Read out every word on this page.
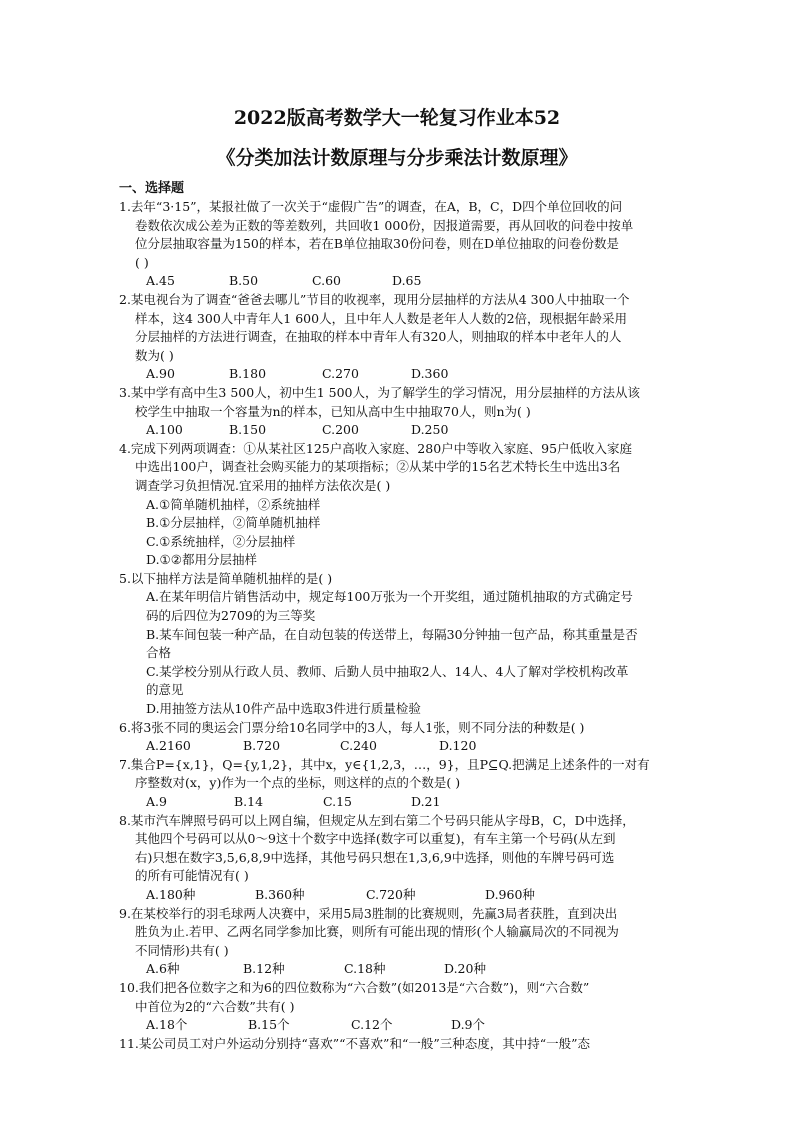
2022版高考数学大一轮复习作业本52
《分类加法计数原理与分步乘法计数原理》
一、选择题
1.去年“3·15”，某报社做了一次关于“虚假广告”的调查，在A，B，C，D四个单位回收的问
卷数依次成公差为正数的等差数列，共回收1 000份，因报道需要，再从回收的问卷中按单
位分层抽取容量为150的样本，若在B单位抽取30份问卷，则在D单位抽取的问卷份数是
( )
A.45	B.50	C.60	D.65
2.某电视台为了调查“爸爸去哪儿”节目的收视率，现用分层抽样的方法从4 300人中抽取一个
样本，这4 300人中青年人1 600人，且中年人人数是老年人人数的2倍，现根据年龄采用
分层抽样的方法进行调查，在抽取的样本中青年人有320人，则抽取的样本中老年人的人
数为( )
A.90	B.180	C.270	D.360
3.某中学有高中生3 500人，初中生1 500人，为了解学生的学习情况，用分层抽样的方法从该
校学生中抽取一个容量为n的样本，已知从高中生中抽取70人，则n为( )
A.100	B.150	C.200	D.250
4.完成下列两项调查：①从某社区125户高收入家庭、280户中等收入家庭、95户低收入家庭
中选出100户，调查社会购买能力的某项指标；②从某中学的15名艺术特长生中选出3名
调查学习负担情况.宜采用的抽样方法依次是( )
A.①简单随机抽样，②系统抽样
B.①分层抽样，②简单随机抽样
C.①系统抽样，②分层抽样
D.①②都用分层抽样
5.以下抽样方法是简单随机抽样的是( )
A.在某年明信片销售活动中，规定每100万张为一个开奖组，通过随机抽取的方式确定号
码的后四位为2709的为三等奖
B.某车间包装一种产品，在自动包装的传送带上，每隔30分钟抽一包产品，称其重量是否
合格
C.某学校分别从行政人员、教师、后勤人员中抽取2人、14人、4人了解对学校机构改革
的意见
D.用抽签方法从10件产品中选取3件进行质量检验
6.将3张不同的奥运会门票分给10名同学中的3人，每人1张，则不同分法的种数是( )
A.2160	B.720	C.240	D.120
7.集合P={x,1}，Q={y,1,2}，其中x，y∈{1,2,3，…，9}，且P⊆Q.把满足上述条件的一对有
序整数对(x，y)作为一个点的坐标，则这样的点的个数是( )
A.9	B.14	C.15	D.21
8.某市汽车牌照号码可以上网自编，但规定从左到右第二个号码只能从字母B，C，D中选择，
其他四个号码可以从0～9这十个数字中选择(数字可以重复)，有车主第一个号码(从左到
右)只想在数字3,5,6,8,9中选择，其他号码只想在1,3,6,9中选择，则他的车牌号码可选
的所有可能情况有( )
A.180种	B.360种	C.720种	D.960种
9.在某校举行的羽毛球两人决赛中，采用5局3胜制的比赛规则，先赢3局者获胜，直到决出
胜负为止.若甲、乙两名同学参加比赛，则所有可能出现的情形(个人输赢局次的不同视为
不同情形)共有( )
A.6种	B.12种	C.18种	D.20种
10.我们把各位数字之和为6的四位数称为“六合数”(如2013是“六合数”)，则“六合数”
中首位为2的“六合数”共有( )
A.18个	B.15个	C.12个	D.9个
11.某公司员工对户外运动分别持“喜欢”“不喜欢”和“一般”三种态度，其中持“一般”态
